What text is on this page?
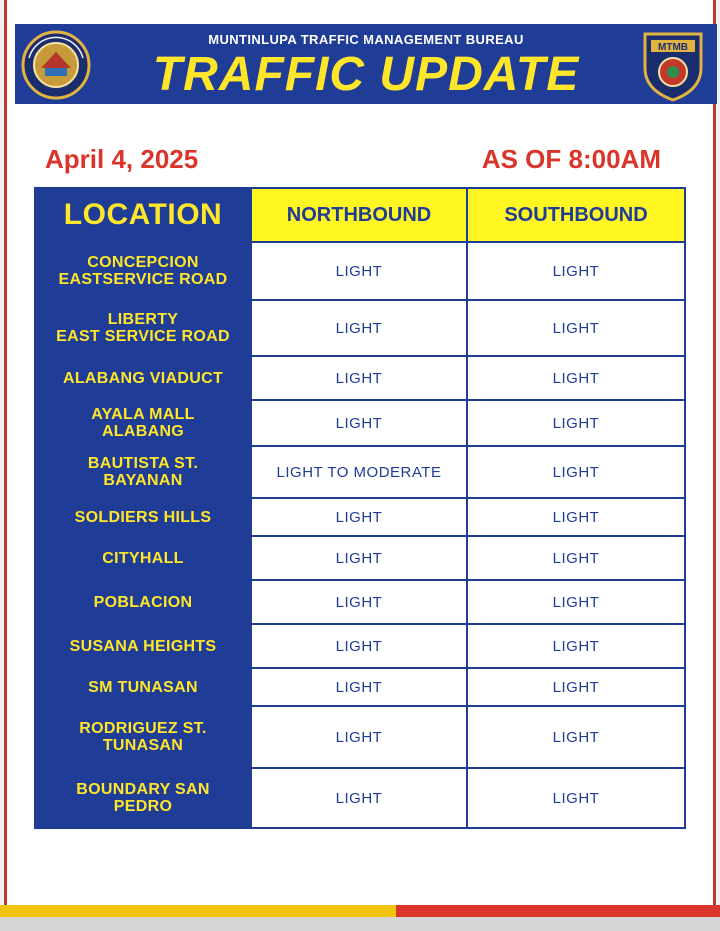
MUNTINLUPA TRAFFIC MANAGEMENT BUREAU
TRAFFIC UPDATE
MTMB
April 4, 2025	AS OF 8:00AM
LOCATION	NORTHBOUND	SOUTHBOUND

CONCEPCION
EASTSERVICE ROAD	LIGHT	LIGHT

LIBERTY
EAST SERVICE ROAD	LIGHT	LIGHT

ALABANG VIADUCT	LIGHT	LIGHT

AYALA MALL
ALABANG	LIGHT	LIGHT

BAUTISTA ST.
BAYANAN	LIGHT TO MODERATE	LIGHT

SOLDIERS HILLS	LIGHT	LIGHT

CITYHALL	LIGHT	LIGHT

POBLACION	LIGHT	LIGHT

SUSANA HEIGHTS	LIGHT	LIGHT

SM TUNASAN	LIGHT	LIGHT

RODRIGUEZ ST.
TUNASAN	LIGHT	LIGHT

BOUNDARY SAN
PEDRO	LIGHT	LIGHT
